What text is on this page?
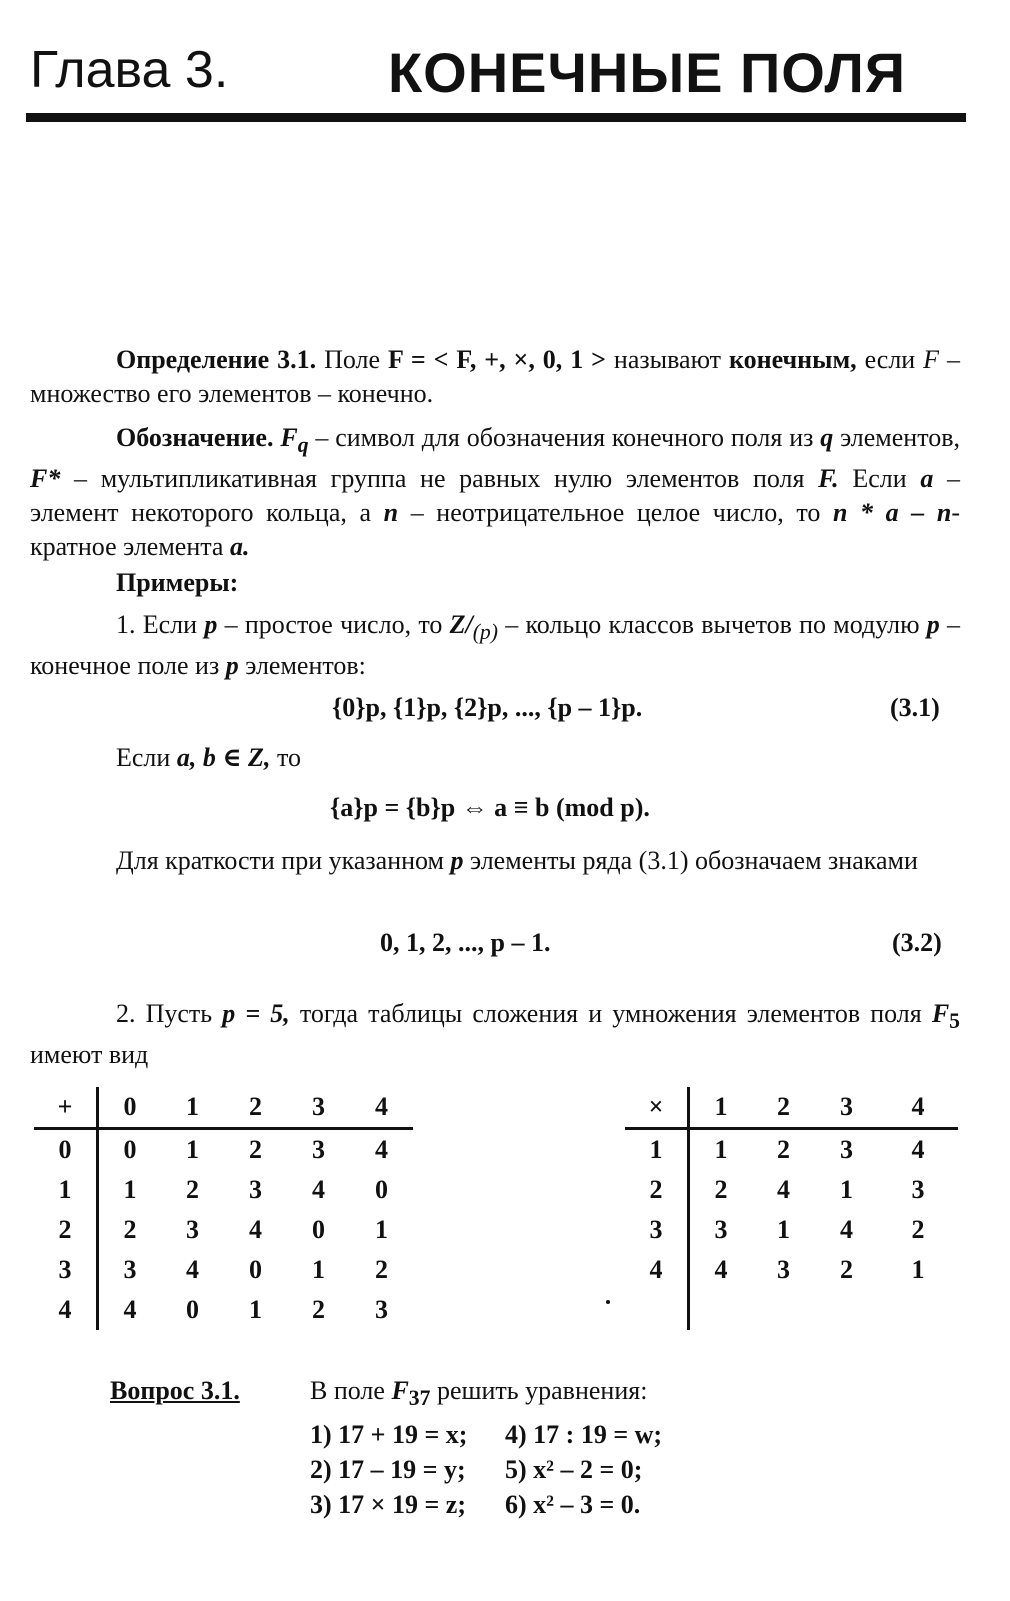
Глава 3.	КОНЕЧНЫЕ ПОЛЯ
Определение 3.1. Поле F = < F, +, ×, 0, 1 > называют конечным, если F – множество его элементов – конечно.
Обозначение. $F_q$ – символ для обозначения конечного поля из q элементов, F* – мультипликативная группа не равных нулю элементов поля F. Если a – элемент некоторого кольца, а n – неотрицательное целое число, то n * a – n-кратное элемента a.
Примеры:
1. Если p – простое число, то $Z/_{(p)}$ – кольцо классов вычетов по модулю p – конечное поле из p элементов:
{0}p, {1}p, {2}p, ..., {p – 1}p.	(3.1)
Если a, b ∈ Z, то
{a}p = {b}p ⇔ a ≡ b (mod p).
Для краткости при указанном p элементы ряда (3.1) обозначаем знаками
0, 1, 2, ..., p – 1.	(3.2)
2. Пусть p = 5, тогда таблицы сложения и умножения элементов поля $F_5$ имеют вид
+	0	1	2	3	4
0	0	1	2	3	4
1	1	2	3	4	0
2	2	3	4	0	1
3	3	4	0	1	2
4	4	0	1	2	3
×	1	2	3	4
1	1	2	3	4
2	2	4	1	3
3	3	1	4	2
4	4	3	2	1

Вопрос 3.1.	В поле $F_{37}$ решить уравнения:
1) 17 + 19 = x;
2) 17 – 19 = y;
3) 17 × 19 = z;
4) 17 : 19 = w;
5) x² – 2 = 0;
6) x² – 3 = 0.
